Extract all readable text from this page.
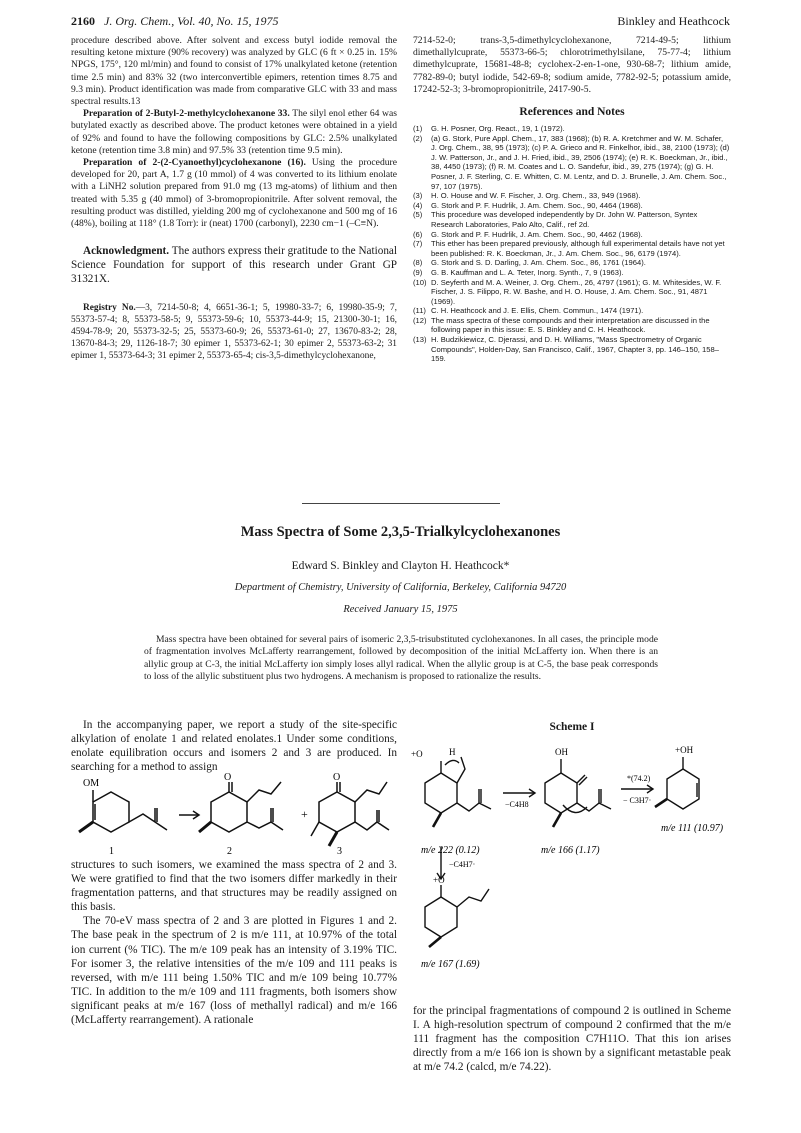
2160 J. Org. Chem., Vol. 40, No. 15, 1975	Binkley and Heathcock

procedure described above. After solvent and excess butyl iodide removal the resulting ketone mixture (90% recovery) was analyzed by GLC (6 ft × 0.25 in. 15% NPGS, 175°, 120 ml/min) and found to consist of 17% unalkylated ketone (retention time 2.5 min) and 83% 32 (two interconvertible epimers, retention times 8.75 and 9.3 min). Product identification was made from comparative GLC with 33 and mass spectral results.13

Preparation of 2-Butyl-2-methylcyclohexanone 33. The silyl enol ether 64 was butylated exactly as described above. The product ketones were obtained in a yield of 92% and found to have the following compositions by GLC: 2.5% unalkylated ketone (retention time 3.8 min) and 97.5% 33 (retention time 9.5 min).

Preparation of 2-(2-Cyanoethyl)cyclohexanone (16). Using the procedure developed for 20, part A, 1.7 g (10 mmol) of 4 was converted to its lithium enolate with a LiNH2 solution prepared from 91.0 mg (13 mg-atoms) of lithium and then treated with 5.35 g (40 mmol) of 3-bromopropionitrile. After solvent removal, the resulting product was distilled, yielding 200 mg of cyclohexanone and 500 mg of 16 (48%), boiling at 118° (1.8 Torr): ir (neat) 1700 (carbonyl), 2230 cm−1 (–C≡N).

Acknowledgment. The authors express their gratitude to the National Science Foundation for support of this research under Grant GP 31321X.

Registry No.—3, 7214-50-8; 4, 6651-36-1; 5, 19980-33-7; 6, 19980-35-9; 7, 55373-57-4; 8, 55373-58-5; 9, 55373-59-6; 10, 55373-44-9; 15, 21300-30-1; 16, 4594-78-9; 20, 55373-32-5; 25, 55373-60-9; 26, 55373-61-0; 27, 13670-83-2; 28, 13670-84-3; 29, 1126-18-7; 30 epimer 1, 55373-62-1; 30 epimer 2, 55373-63-2; 31 epimer 1, 55373-64-3; 31 epimer 2, 55373-65-4; cis-3,5-dimethylcyclohexanone,

7214-52-0; trans-3,5-dimethylcyclohexanone, 7214-49-5; lithium dimethallylcuprate, 55373-66-5; chlorotrimethylsilane, 75-77-4; lithium dimethylcuprate, 15681-48-8; cyclohex-2-en-1-one, 930-68-7; lithium amide, 7782-89-0; butyl iodide, 542-69-8; sodium amide, 7782-92-5; potassium amide, 17242-52-3; 3-bromopropionitrile, 2417-90-5.

References and Notes
(1)	G. H. Posner, Org. React., 19, 1 (1972).
(2)	(a) G. Stork, Pure Appl. Chem., 17, 383 (1968); (b) R. A. Kretchmer and W. M. Schafer, J. Org. Chem., 38, 95 (1973); (c) P. A. Grieco and R. Finkelhor, ibid., 38, 2100 (1973); (d) J. W. Patterson, Jr., and J. H. Fried, ibid., 39, 2506 (1974); (e) R. K. Boeckman, Jr., ibid., 38, 4450 (1973); (f) R. M. Coates and L. O. Sandefur, ibid., 39, 275 (1974); (g) G. H. Posner, J. F. Sterling, C. E. Whitten, C. M. Lentz, and D. J. Brunelle, J. Am. Chem. Soc., 97, 107 (1975).
(3)	H. O. House and W. F. Fischer, J. Org. Chem., 33, 949 (1968).
(4)	G. Stork and P. F. Hudrlik, J. Am. Chem. Soc., 90, 4464 (1968).
(5)	This procedure was developed independently by Dr. John W. Patterson, Syntex Research Laboratories, Palo Alto, Calif., ref 2d.
(6)	G. Stork and P. F. Hudrlik, J. Am. Chem. Soc., 90, 4462 (1968).
(7)	This ether has been prepared previously, although full experimental details have not yet been published: R. K. Boeckman, Jr., J. Am. Chem. Soc., 96, 6179 (1974).
(8)	G. Stork and S. D. Darling, J. Am. Chem. Soc., 86, 1761 (1964).
(9)	G. B. Kauffman and L. A. Teter, Inorg. Synth., 7, 9 (1963).
(10) D. Seyferth and M. A. Weiner, J. Org. Chem., 26, 4797 (1961); G. M. Whitesides, W. F. Fischer, J. S. Filippo, R. W. Bashe, and H. O. House, J. Am. Chem. Soc., 91, 4871 (1969).
(11) C. H. Heathcock and J. E. Ellis, Chem. Commun., 1474 (1971).
(12) The mass spectra of these compounds and their interpretation are discussed in the following paper in this issue: E. S. Binkley and C. H. Heathcock.
(13) H. Budzikiewicz, C. Djerassi, and D. H. Williams, "Mass Spectrometry of Organic Compounds", Holden-Day, San Francisco, Calif., 1967, Chapter 3, pp. 146–150, 158–159.
Mass Spectra of Some 2,3,5-Trialkylcyclohexanones
Edward S. Binkley and Clayton H. Heathcock*
Department of Chemistry, University of California, Berkeley, California 94720
Received January 15, 1975

Mass spectra have been obtained for several pairs of isomeric 2,3,5-trisubstituted cyclohexanones. In all cases, the principle mode of fragmentation involves McLafferty rearrangement, followed by decomposition of the initial McLafferty ion. When there is an allylic group at C-3, the initial McLafferty ion simply loses allyl radical. When the allylic group is at C-5, the base peak corresponds to loss of the allylic substituent plus two hydrogens. A mechanism is proposed to rationalize the results.

In the accompanying paper, we report a study of the site-specific alkylation of enolate 1 and related enolates.1 Under some conditions, enolate equilibration occurs and isomers 2 and 3 are produced. In searching for a method to assign

OM
O
+
O
1	2	3

structures to such isomers, we examined the mass spectra of 2 and 3. We were gratified to find that the two isomers differ markedly in their fragmentation patterns, and that structures may be readily assigned on this basis.

The 70-eV mass spectra of 2 and 3 are plotted in Figures 1 and 2. The base peak in the spectrum of 2 is m/e 111, at 10.97% of the total ion current (% TIC). The m/e 109 peak has an intensity of 3.19% TIC. For isomer 3, the relative intensities of the m/e 109 and 111 peaks is reversed, with m/e 111 being 1.50% TIC and m/e 109 being 10.77% TIC. In addition to the m/e 109 and 111 fragments, both isomers show significant peaks at m/e 167 (loss of methallyl radical) and m/e 166 (McLafferty rearrangement). A rationale

Scheme I
+O	H	OH	+OH
+O
−C4H8
*(74.2)
− C3H7·
−C4H7·
m/e 222 (0.12)	m/e 166 (1.17)
m/e 111 (10.97)
m/e 167 (1.69)

for the principal fragmentations of compound 2 is outlined in Scheme I. A high-resolution spectrum of compound 2 confirmed that the m/e 111 fragment has the composition C7H11O. That this ion arises directly from a m/e 166 ion is shown by a significant metastable peak at m/e 74.2 (calcd, m/e 74.22).
